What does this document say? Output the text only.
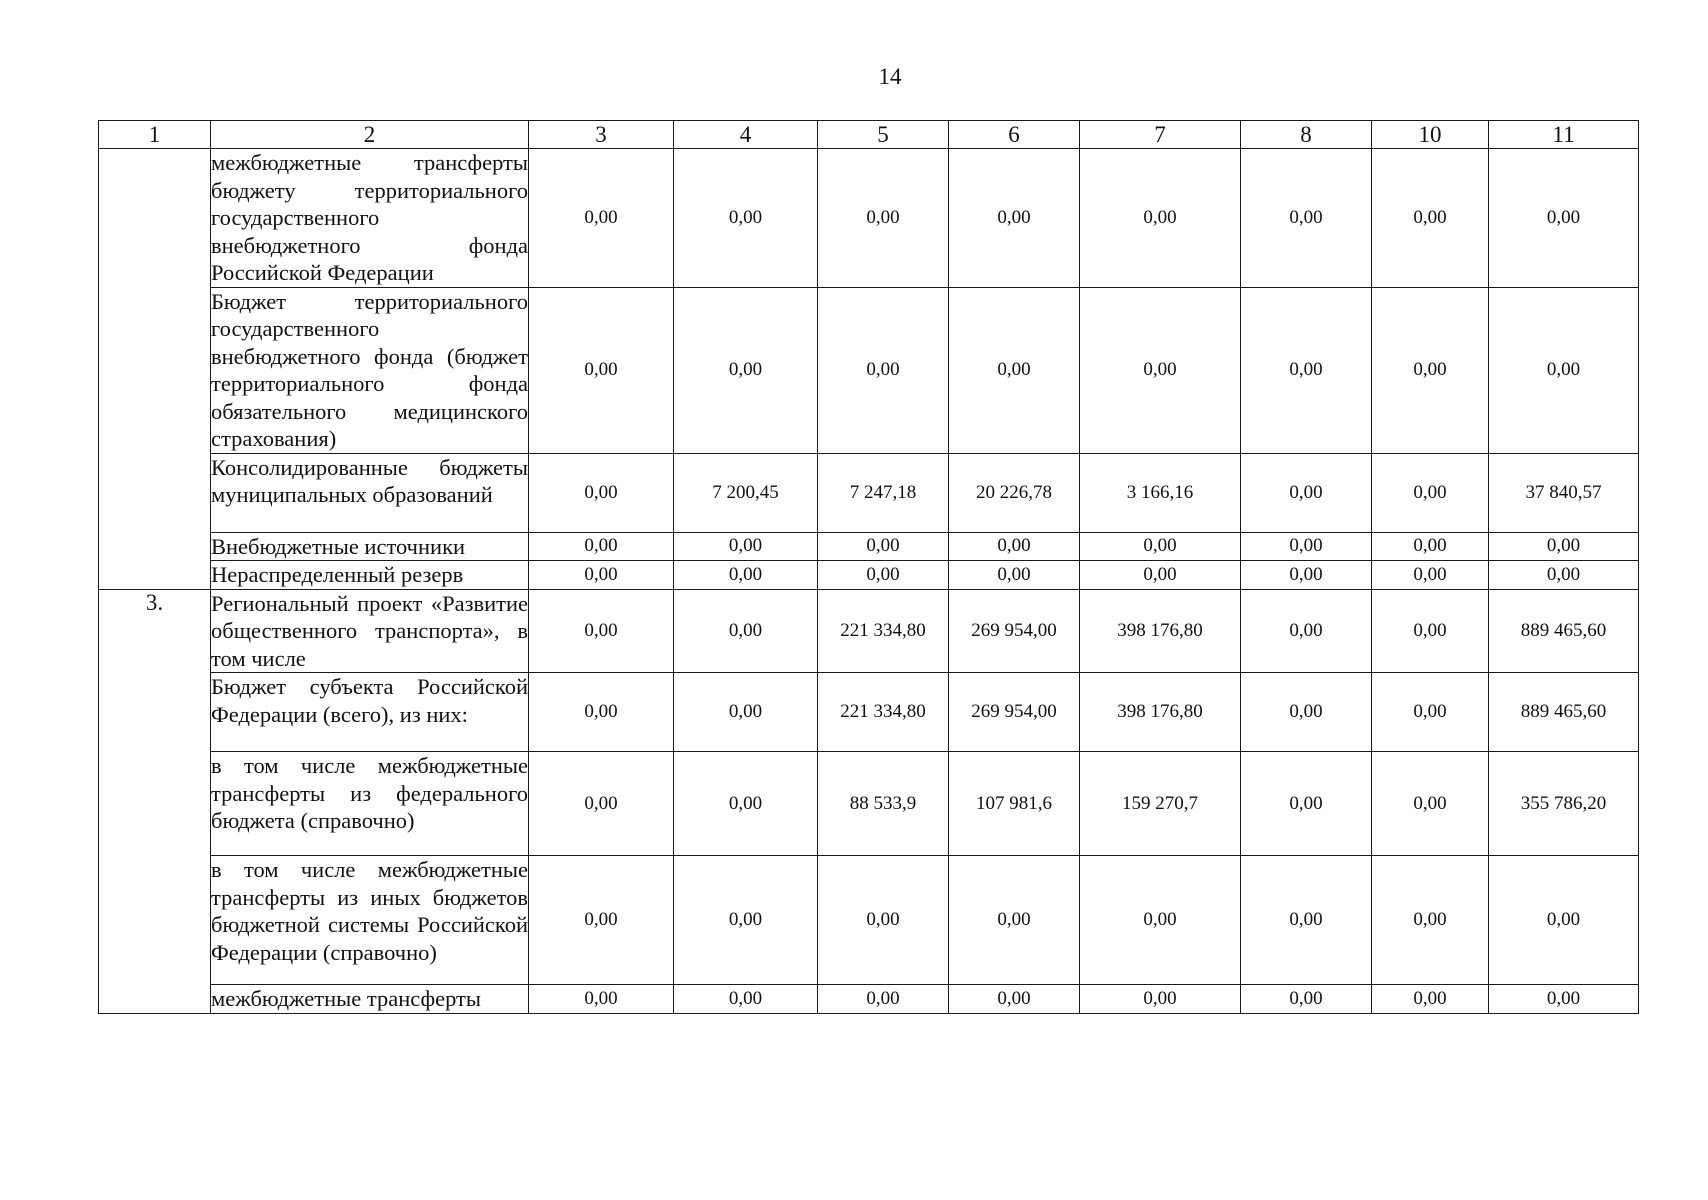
14
1	2	3	4	5	6	7	8	10	11
	межбюджетные трансферты бюджету территориального государственного внебюджетного фонда Российской Федерации	0,00	0,00	0,00	0,00	0,00	0,00	0,00	0,00
	Бюджет территориального государственного внебюджетного фонда (бюджет территориального фонда обязательного медицинского страхования)	0,00	0,00	0,00	0,00	0,00	0,00	0,00	0,00
	Консолидированные бюджеты муниципальных образований	0,00	7 200,45	7 247,18	20 226,78	3 166,16	0,00	0,00	37 840,57
	Внебюджетные источники	0,00	0,00	0,00	0,00	0,00	0,00	0,00	0,00
	Нераспределенный резерв	0,00	0,00	0,00	0,00	0,00	0,00	0,00	0,00
3.	Региональный проект «Развитие общественного транспорта», в том числе	0,00	0,00	221 334,80	269 954,00	398 176,80	0,00	0,00	889 465,60
	Бюджет субъекта Российской Федерации (всего), из них:	0,00	0,00	221 334,80	269 954,00	398 176,80	0,00	0,00	889 465,60
	в том числе межбюджетные трансферты из федерального бюджета (справочно)	0,00	0,00	88 533,9	107 981,6	159 270,7	0,00	0,00	355 786,20
	в том числе межбюджетные трансферты из иных бюджетов бюджетной системы Российской Федерации (справочно)	0,00	0,00	0,00	0,00	0,00	0,00	0,00	0,00
	межбюджетные трансферты	0,00	0,00	0,00	0,00	0,00	0,00	0,00	0,00
